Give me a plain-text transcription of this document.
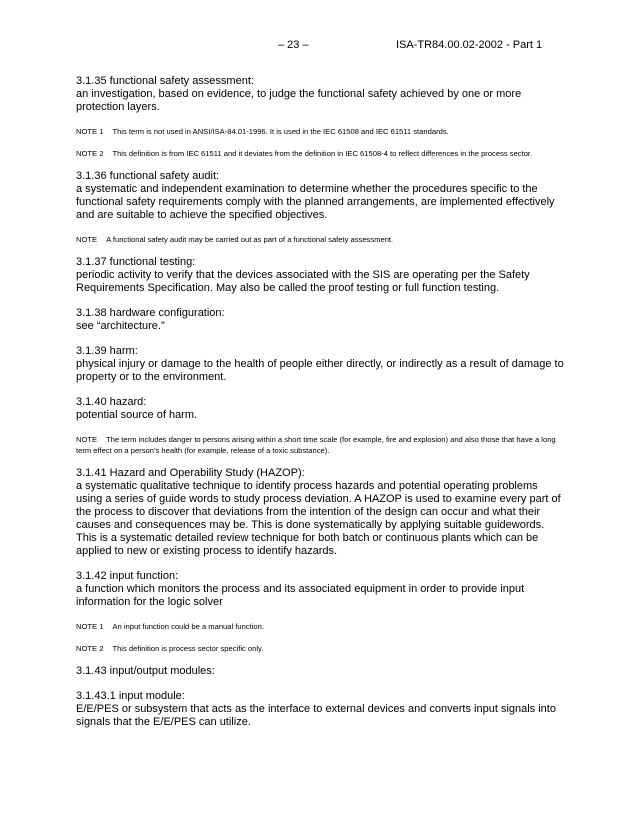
– 23 –	ISA-TR84.00.02-2002 - Part 1

3.1.35 functional safety assessment:

an investigation, based on evidence, to judge the functional safety achieved by one or more protection layers.

NOTE 1 This term is not used in ANSI/ISA-84.01-1996. It is used in the IEC 61508 and IEC 61511 standards.

NOTE 2 This definition is from IEC 61511 and it deviates from the definition in IEC 61508-4 to reflect differences in the process sector.

3.1.36 functional safety audit:

a systematic and independent examination to determine whether the procedures specific to the functional safety requirements comply with the planned arrangements, are implemented effectively and are suitable to achieve the specified objectives.

NOTE A functional safety audit may be carried out as part of a functional safety assessment.

3.1.37 functional testing:

periodic activity to verify that the devices associated with the SIS are operating per the Safety Requirements Specification. May also be called the proof testing or full function testing.

3.1.38 hardware configuration:

see “architecture.”

3.1.39 harm:

physical injury or damage to the health of people either directly, or indirectly as a result of damage to property or to the environment.

3.1.40 hazard:

potential source of harm.

NOTE The term includes danger to persons arising within a short time scale (for example, fire and explosion) and also those that have a long term effect on a person’s health (for example, release of a toxic substance).

3.1.41 Hazard and Operability Study (HAZOP):

a systematic qualitative technique to identify process hazards and potential operating problems using a series of guide words to study process deviation. A HAZOP is used to examine every part of the process to discover that deviations from the intention of the design can occur and what their causes and consequences may be. This is done systematically by applying suitable guidewords. This is a systematic detailed review technique for both batch or continuous plants which can be applied to new or existing process to identify hazards.

3.1.42 input function:

a function which monitors the process and its associated equipment in order to provide input information for the logic solver

NOTE 1 An input function could be a manual function.

NOTE 2 This definition is process sector specific only.

3.1.43 input/output modules:

3.1.43.1 input module:

E/E/PES or subsystem that acts as the interface to external devices and converts input signals into signals that the E/E/PES can utilize.
